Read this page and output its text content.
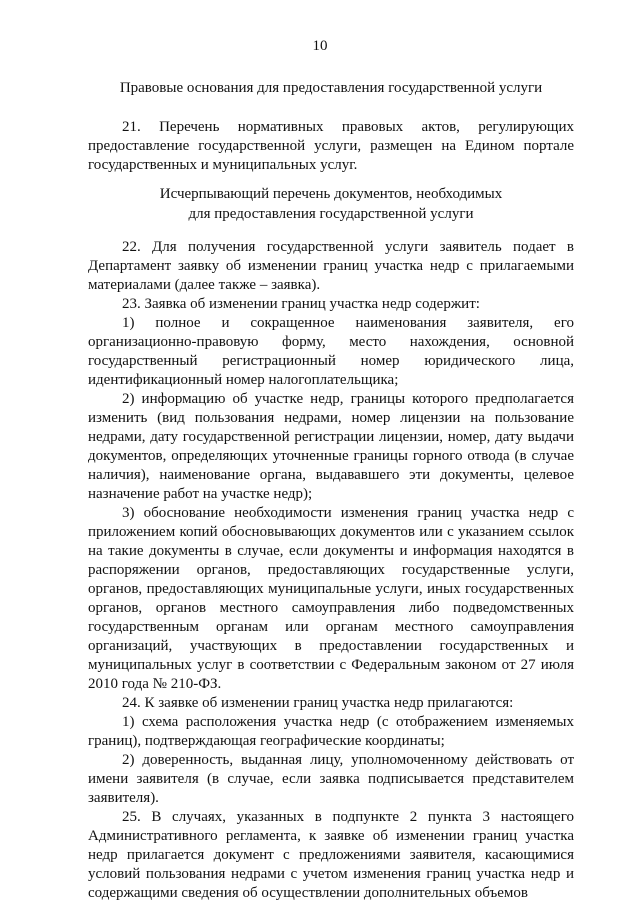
10
Правовые основания для предоставления государственной услуги

21. Перечень нормативных правовых актов, регулирующих предоставление государственной услуги, размещен на Едином портале государственных и муниципальных услуг.

Исчерпывающий перечень документов, необходимых
для предоставления государственной услуги

22. Для получения государственной услуги заявитель подает в Департамент заявку об изменении границ участка недр с прилагаемыми материалами (далее также – заявка).

23. Заявка об изменении границ участка недр содержит:

1) полное и сокращенное наименования заявителя, его организационно-правовую форму, место нахождения, основной государственный регистрационный номер юридического лица, идентификационный номер налогоплательщика;

2) информацию об участке недр, границы которого предполагается изменить (вид пользования недрами, номер лицензии на пользование недрами, дату государственной регистрации лицензии, номер, дату выдачи документов, определяющих уточненные границы горного отвода (в случае наличия), наименование органа, выдававшего эти документы, целевое назначение работ на участке недр);

3) обоснование необходимости изменения границ участка недр с приложением копий обосновывающих документов или с указанием ссылок на такие документы в случае, если документы и информация находятся в распоряжении органов, предоставляющих государственные услуги, органов, предоставляющих муниципальные услуги, иных государственных органов, органов местного самоуправления либо подведомственных государственным органам или органам местного самоуправления организаций, участвующих в предоставлении государственных и муниципальных услуг в соответствии с Федеральным законом от 27 июля 2010 года № 210-ФЗ.

24. К заявке об изменении границ участка недр прилагаются:

1) схема расположения участка недр (с отображением изменяемых границ), подтверждающая географические координаты;

2) доверенность, выданная лицу, уполномоченному действовать от имени заявителя (в случае, если заявка подписывается представителем заявителя).

25. В случаях, указанных в подпункте 2 пункта 3 настоящего Административного регламента, к заявке об изменении границ участка недр прилагается документ с предложениями заявителя, касающимися условий пользования недрами с учетом изменения границ участка недр и содержащими сведения об осуществлении дополнительных объемов
